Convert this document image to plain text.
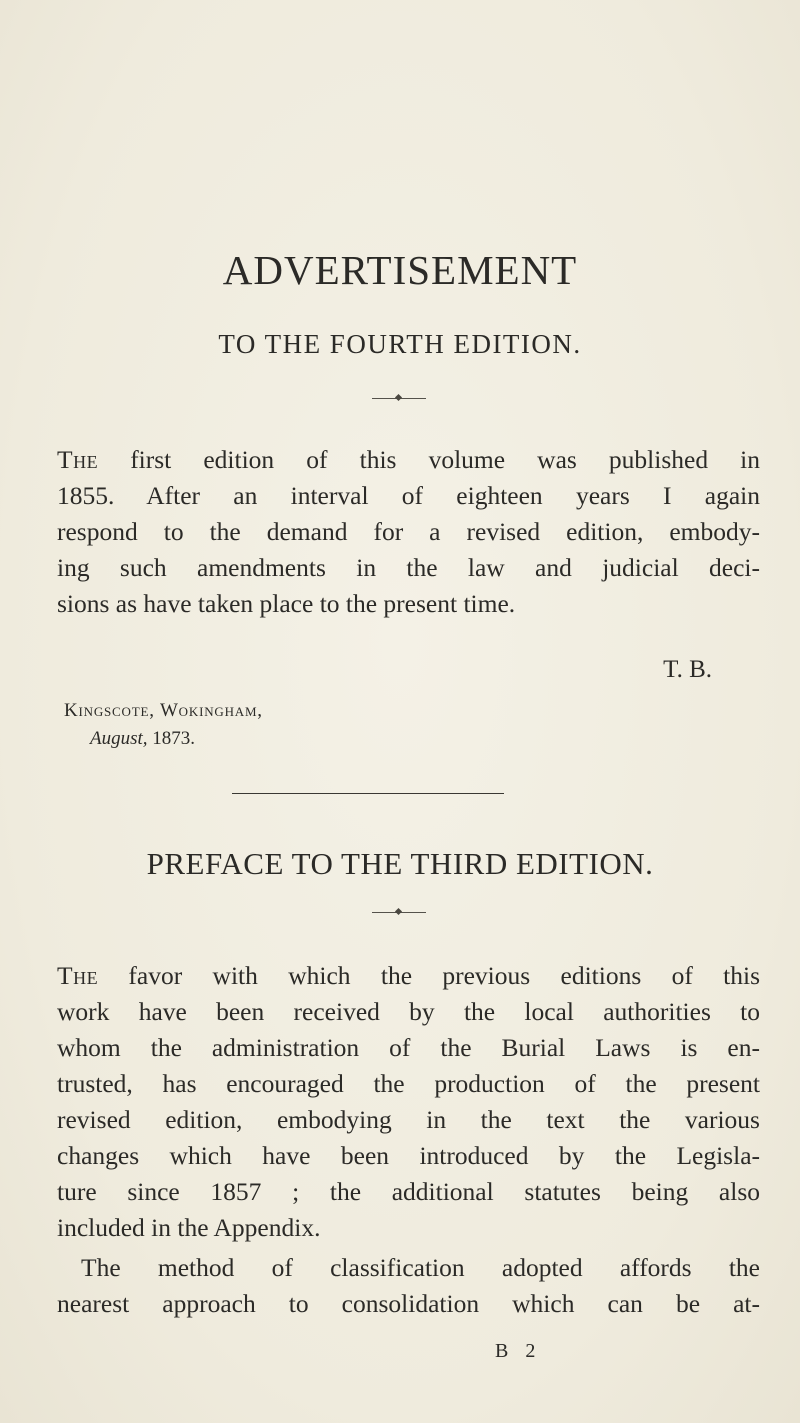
ADVERTISEMENT
TO THE FOURTH EDITION.

The first edition of this volume was published in
1855. After an interval of eighteen years I again
respond to the demand for a revised edition, embody-
ing such amendments in the law and judicial deci-
sions as have taken place to the present time.

T. B.
Kingscote, Wokingham,
August, 1873.
PREFACE TO THE THIRD EDITION.

The favor with which the previous editions of this
work have been received by the local authorities to
whom the administration of the Burial Laws is en-
trusted, has encouraged the production of the present
revised edition, embodying in the text the various
changes which have been introduced by the Legisla-
ture since 1857 ; the additional statutes being also
included in the Appendix.

The method of classification adopted affords the
nearest approach to consolidation which can be at-

B 2
